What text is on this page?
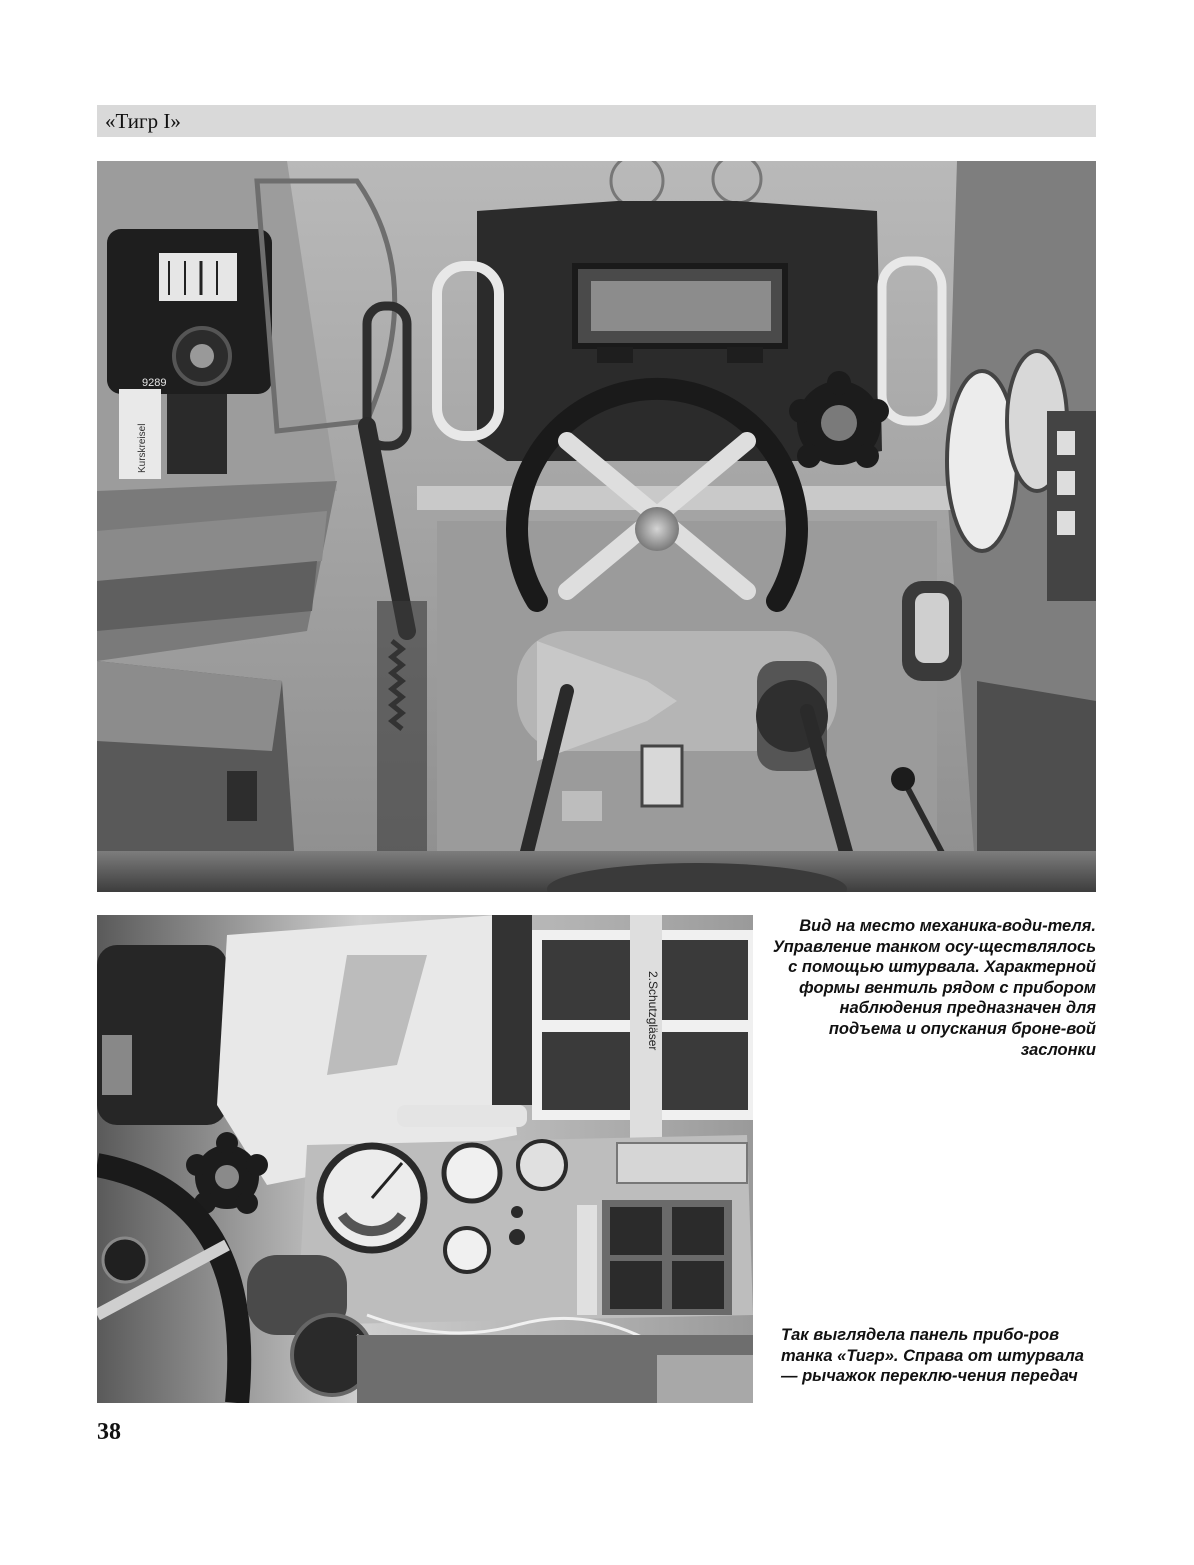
«Тигр I»
9289
Kurskreisel
2.Schutzgläser
Вид на место механика-води-теля. Управление танком осу-ществлялось с помощью штурвала. Характерной формы вентиль рядом с прибором наблюдения предназначен для подъема и опускания броне-вой заслонки
Так выглядела панель прибо-ров танка «Тигр». Справа от штурвала — рычажок переклю-чения передач
38
